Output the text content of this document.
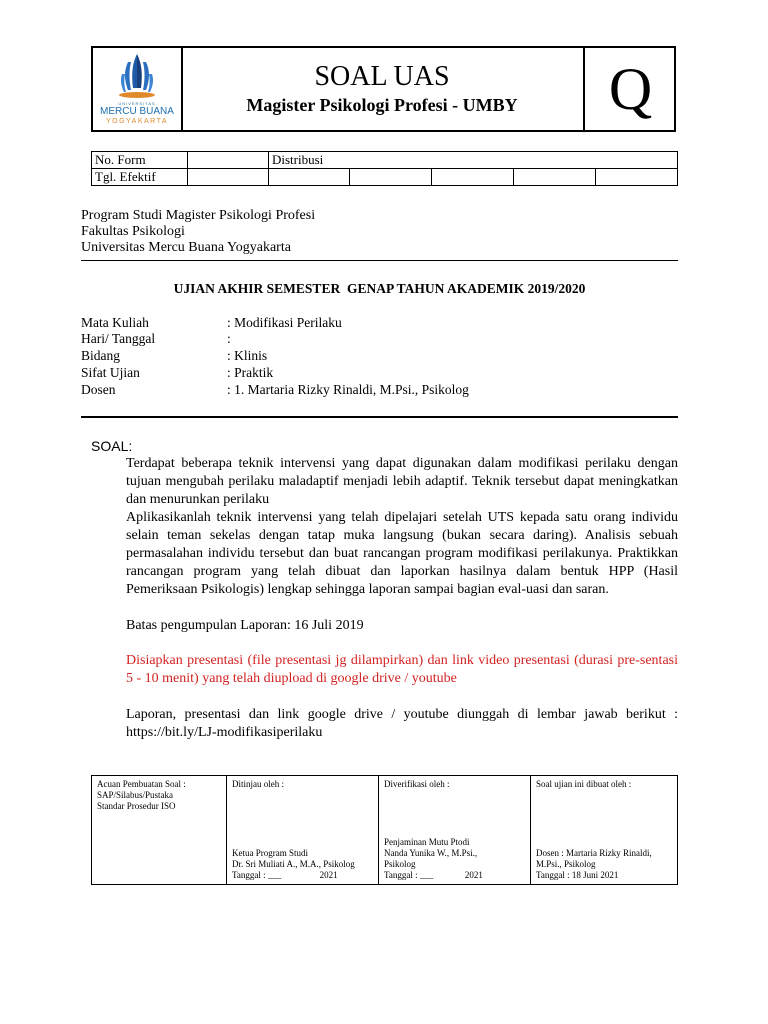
UNIVERSITAS
MERCU BUANA
YOGYAKARTA
SOAL UAS
Magister Psikologi Profesi - UMBY	Q
No. Form		Distribusi				
Tgl. Efektif						
Program Studi Magister Psikologi Profesi
Fakultas Psikologi
Universitas Mercu Buana Yogyakarta
UJIAN AKHIR SEMESTER  GENAP TAHUN AKADEMIK 2019/2020
Mata Kuliah	: Modifikasi Perilaku
Hari/ Tanggal	:
Bidang	: Klinis
Sifat Ujian	: Praktik
Dosen	: 1. Martaria Rizky Rinaldi, M.Psi., Psikolog
SOAL:
Terdapat beberapa teknik intervensi yang dapat digunakan dalam modifikasi perilaku dengan tujuan mengubah perilaku maladaptif menjadi lebih adaptif. Teknik tersebut dapat meningkatkan dan menurunkan perilaku
Aplikasikanlah teknik intervensi yang telah dipelajari setelah UTS kepada satu orang individu selain teman sekelas dengan tatap muka langsung (bukan secara daring). Analisis sebuah permasalahan individu tersebut dan buat rancangan program modifikasi perilakunya. Praktikkan rancangan program yang telah dibuat dan laporkan hasilnya dalam bentuk HPP (Hasil Pemeriksaan Psikologis) lengkap sehingga laporan sampai bagian eval-uasi dan saran.
Batas pengumpulan Laporan: 16 Juli 2019
Disiapkan presentasi (file presentasi jg dilampirkan) dan link video presentasi (durasi pre-sentasi 5 - 10 menit) yang telah diupload di google drive / youtube
Laporan, presentasi dan link google drive / youtube diunggah di lembar jawab berikut : https://bit.ly/LJ-modifikasiperilaku
Acuan Pembuatan Soal :
SAP/Silabus/Pustaka
Standar Prosedur ISO
Ditinjau oleh :
Ketua Program Studi
Dr. Sri Muliati A., M.A., Psikolog
Tanggal : ___                 2021
Diverifikasi oleh :
Penjaminan Mutu Ptodi
Nanda Yunika W., M.Psi.,
Psikolog
Tanggal : ___              2021
Soal ujian ini dibuat oleh :
Dosen : Martaria Rizky Rinaldi,
M.Psi., Psikolog
Tanggal : 18 Juni 2021
